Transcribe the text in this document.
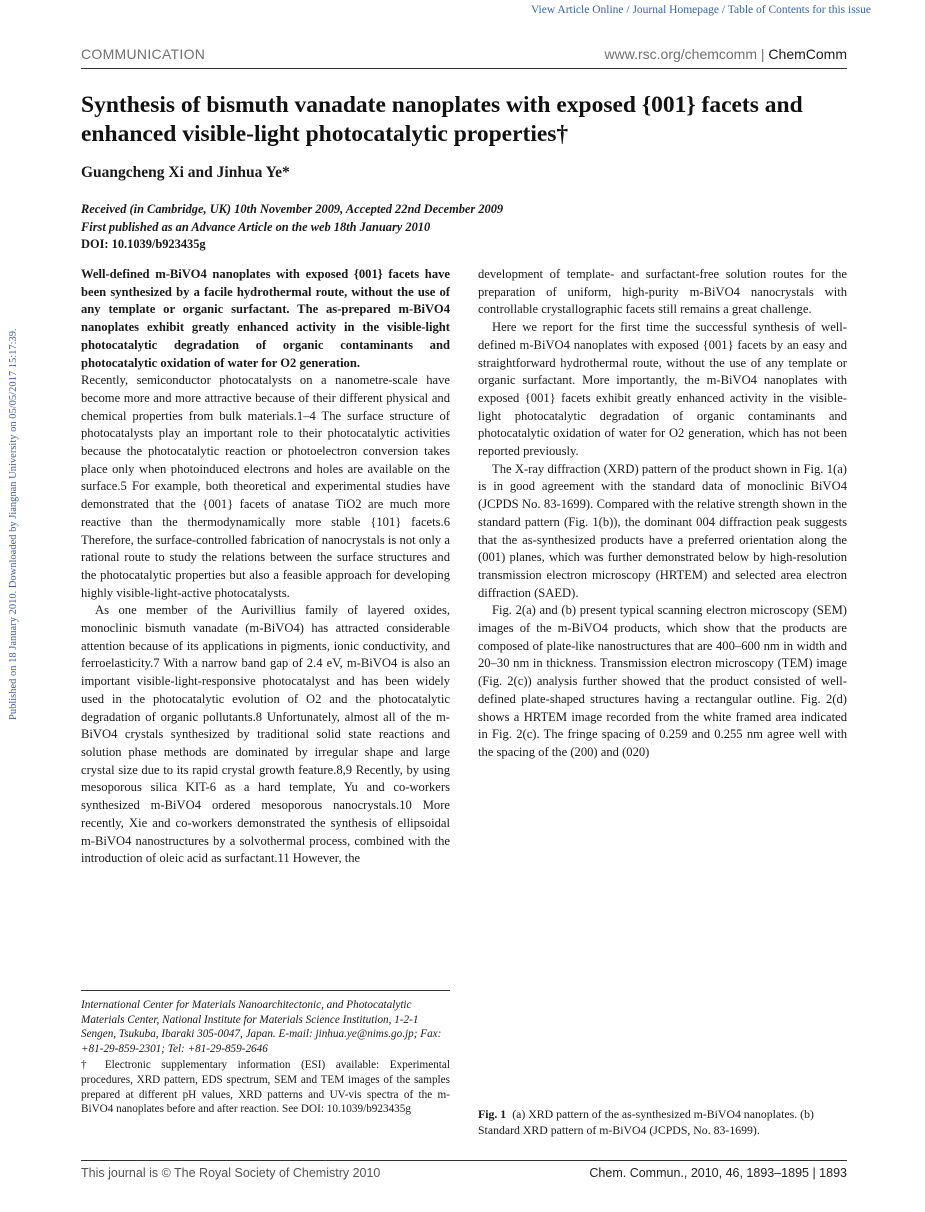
View Article Online / Journal Homepage / Table of Contents for this issue
Published on 18 January 2010. Downloaded by Jiangnan University on 05/05/2017 15:17:39.
COMMUNICATION	www.rsc.org/chemcomm | ChemComm
Synthesis of bismuth vanadate nanoplates with exposed {001} facets and enhanced visible-light photocatalytic properties†
Guangcheng Xi and Jinhua Ye*
Received (in Cambridge, UK) 10th November 2009, Accepted 22nd December 2009
First published as an Advance Article on the web 18th January 2010
DOI: 10.1039/b923435g

Well-defined m-BiVO4 nanoplates with exposed {001} facets have been synthesized by a facile hydrothermal route, without the use of any template or organic surfactant. The as-prepared m-BiVO4 nanoplates exhibit greatly enhanced activity in the visible-light photocatalytic degradation of organic contaminants and photocatalytic oxidation of water for O2 generation.

Recently, semiconductor photocatalysts on a nanometre-scale have become more and more attractive because of their different physical and chemical properties from bulk materials.1–4 The surface structure of photocatalysts play an important role to their photocatalytic activities because the photocatalytic reaction or photoelectron conversion takes place only when photoinduced electrons and holes are available on the surface.5 For example, both theoretical and experimental studies have demonstrated that the {001} facets of anatase TiO2 are much more reactive than the thermodynamically more stable {101} facets.6 Therefore, the surface-controlled fabrication of nanocrystals is not only a rational route to study the relations between the surface structures and the photocatalytic properties but also a feasible approach for developing highly visible-light-active photocatalysts.

As one member of the Aurivillius family of layered oxides, monoclinic bismuth vanadate (m-BiVO4) has attracted considerable attention because of its applications in pigments, ionic conductivity, and ferroelasticity.7 With a narrow band gap of 2.4 eV, m-BiVO4 is also an important visible-light-responsive photocatalyst and has been widely used in the photocatalytic evolution of O2 and the photocatalytic degradation of organic pollutants.8 Unfortunately, almost all of the m-BiVO4 crystals synthesized by traditional solid state reactions and solution phase methods are dominated by irregular shape and large crystal size due to its rapid crystal growth feature.8,9 Recently, by using mesoporous silica KIT-6 as a hard template, Yu and co-workers synthesized m-BiVO4 ordered mesoporous nanocrystals.10 More recently, Xie and co-workers demonstrated the synthesis of ellipsoidal m-BiVO4 nanostructures by a solvothermal process, combined with the introduction of oleic acid as surfactant.11 However, the

development of template- and surfactant-free solution routes for the preparation of uniform, high-purity m-BiVO4 nanocrystals with controllable crystallographic facets still remains a great challenge.

Here we report for the first time the successful synthesis of well-defined m-BiVO4 nanoplates with exposed {001} facets by an easy and straightforward hydrothermal route, without the use of any template or organic surfactant. More importantly, the m-BiVO4 nanoplates with exposed {001} facets exhibit greatly enhanced activity in the visible-light photocatalytic degradation of organic contaminants and photocatalytic oxidation of water for O2 generation, which has not been reported previously.

The X-ray diffraction (XRD) pattern of the product shown in Fig. 1(a) is in good agreement with the standard data of monoclinic BiVO4 (JCPDS No. 83-1699). Compared with the relative strength shown in the standard pattern (Fig. 1(b)), the dominant 004 diffraction peak suggests that the as-synthesized products have a preferred orientation along the (001) planes, which was further demonstrated below by high-resolution transmission electron microscopy (HRTEM) and selected area electron diffraction (SAED).

Fig. 2(a) and (b) present typical scanning electron microscopy (SEM) images of the m-BiVO4 products, which show that the products are composed of plate-like nanostructures that are 400–600 nm in width and 20–30 nm in thickness. Transmission electron microscopy (TEM) image (Fig. 2(c)) analysis further showed that the product consisted of well-defined plate-shaped structures having a rectangular outline. Fig. 2(d) shows a HRTEM image recorded from the white framed area indicated in Fig. 2(c). The fringe spacing of 0.259 and 0.255 nm agree well with the spacing of the (200) and (020)

International Center for Materials Nanoarchitectonic, and Photocatalytic Materials Center, National Institute for Materials Science Institution, 1-2-1 Sengen, Tsukuba, Ibaraki 305-0047, Japan. E-mail: jinhua.ye@nims.go.jp; Fax: +81-29-859-2301; Tel: +81-29-859-2646

† Electronic supplementary information (ESI) available: Experimental procedures, XRD pattern, EDS spectrum, SEM and TEM images of the samples prepared at different pH values, XRD patterns and UV-vis spectra of the m-BiVO4 nanoplates before and after reaction. See DOI: 10.1039/b923435g	Fig. 1 (a) XRD pattern of the as-synthesized m-BiVO4 nanoplates. (b) Standard XRD pattern of m-BiVO4 (JCPDS, No. 83-1699).
This journal is © The Royal Society of Chemistry 2010	Chem. Commun., 2010, 46, 1893–1895 | 1893
